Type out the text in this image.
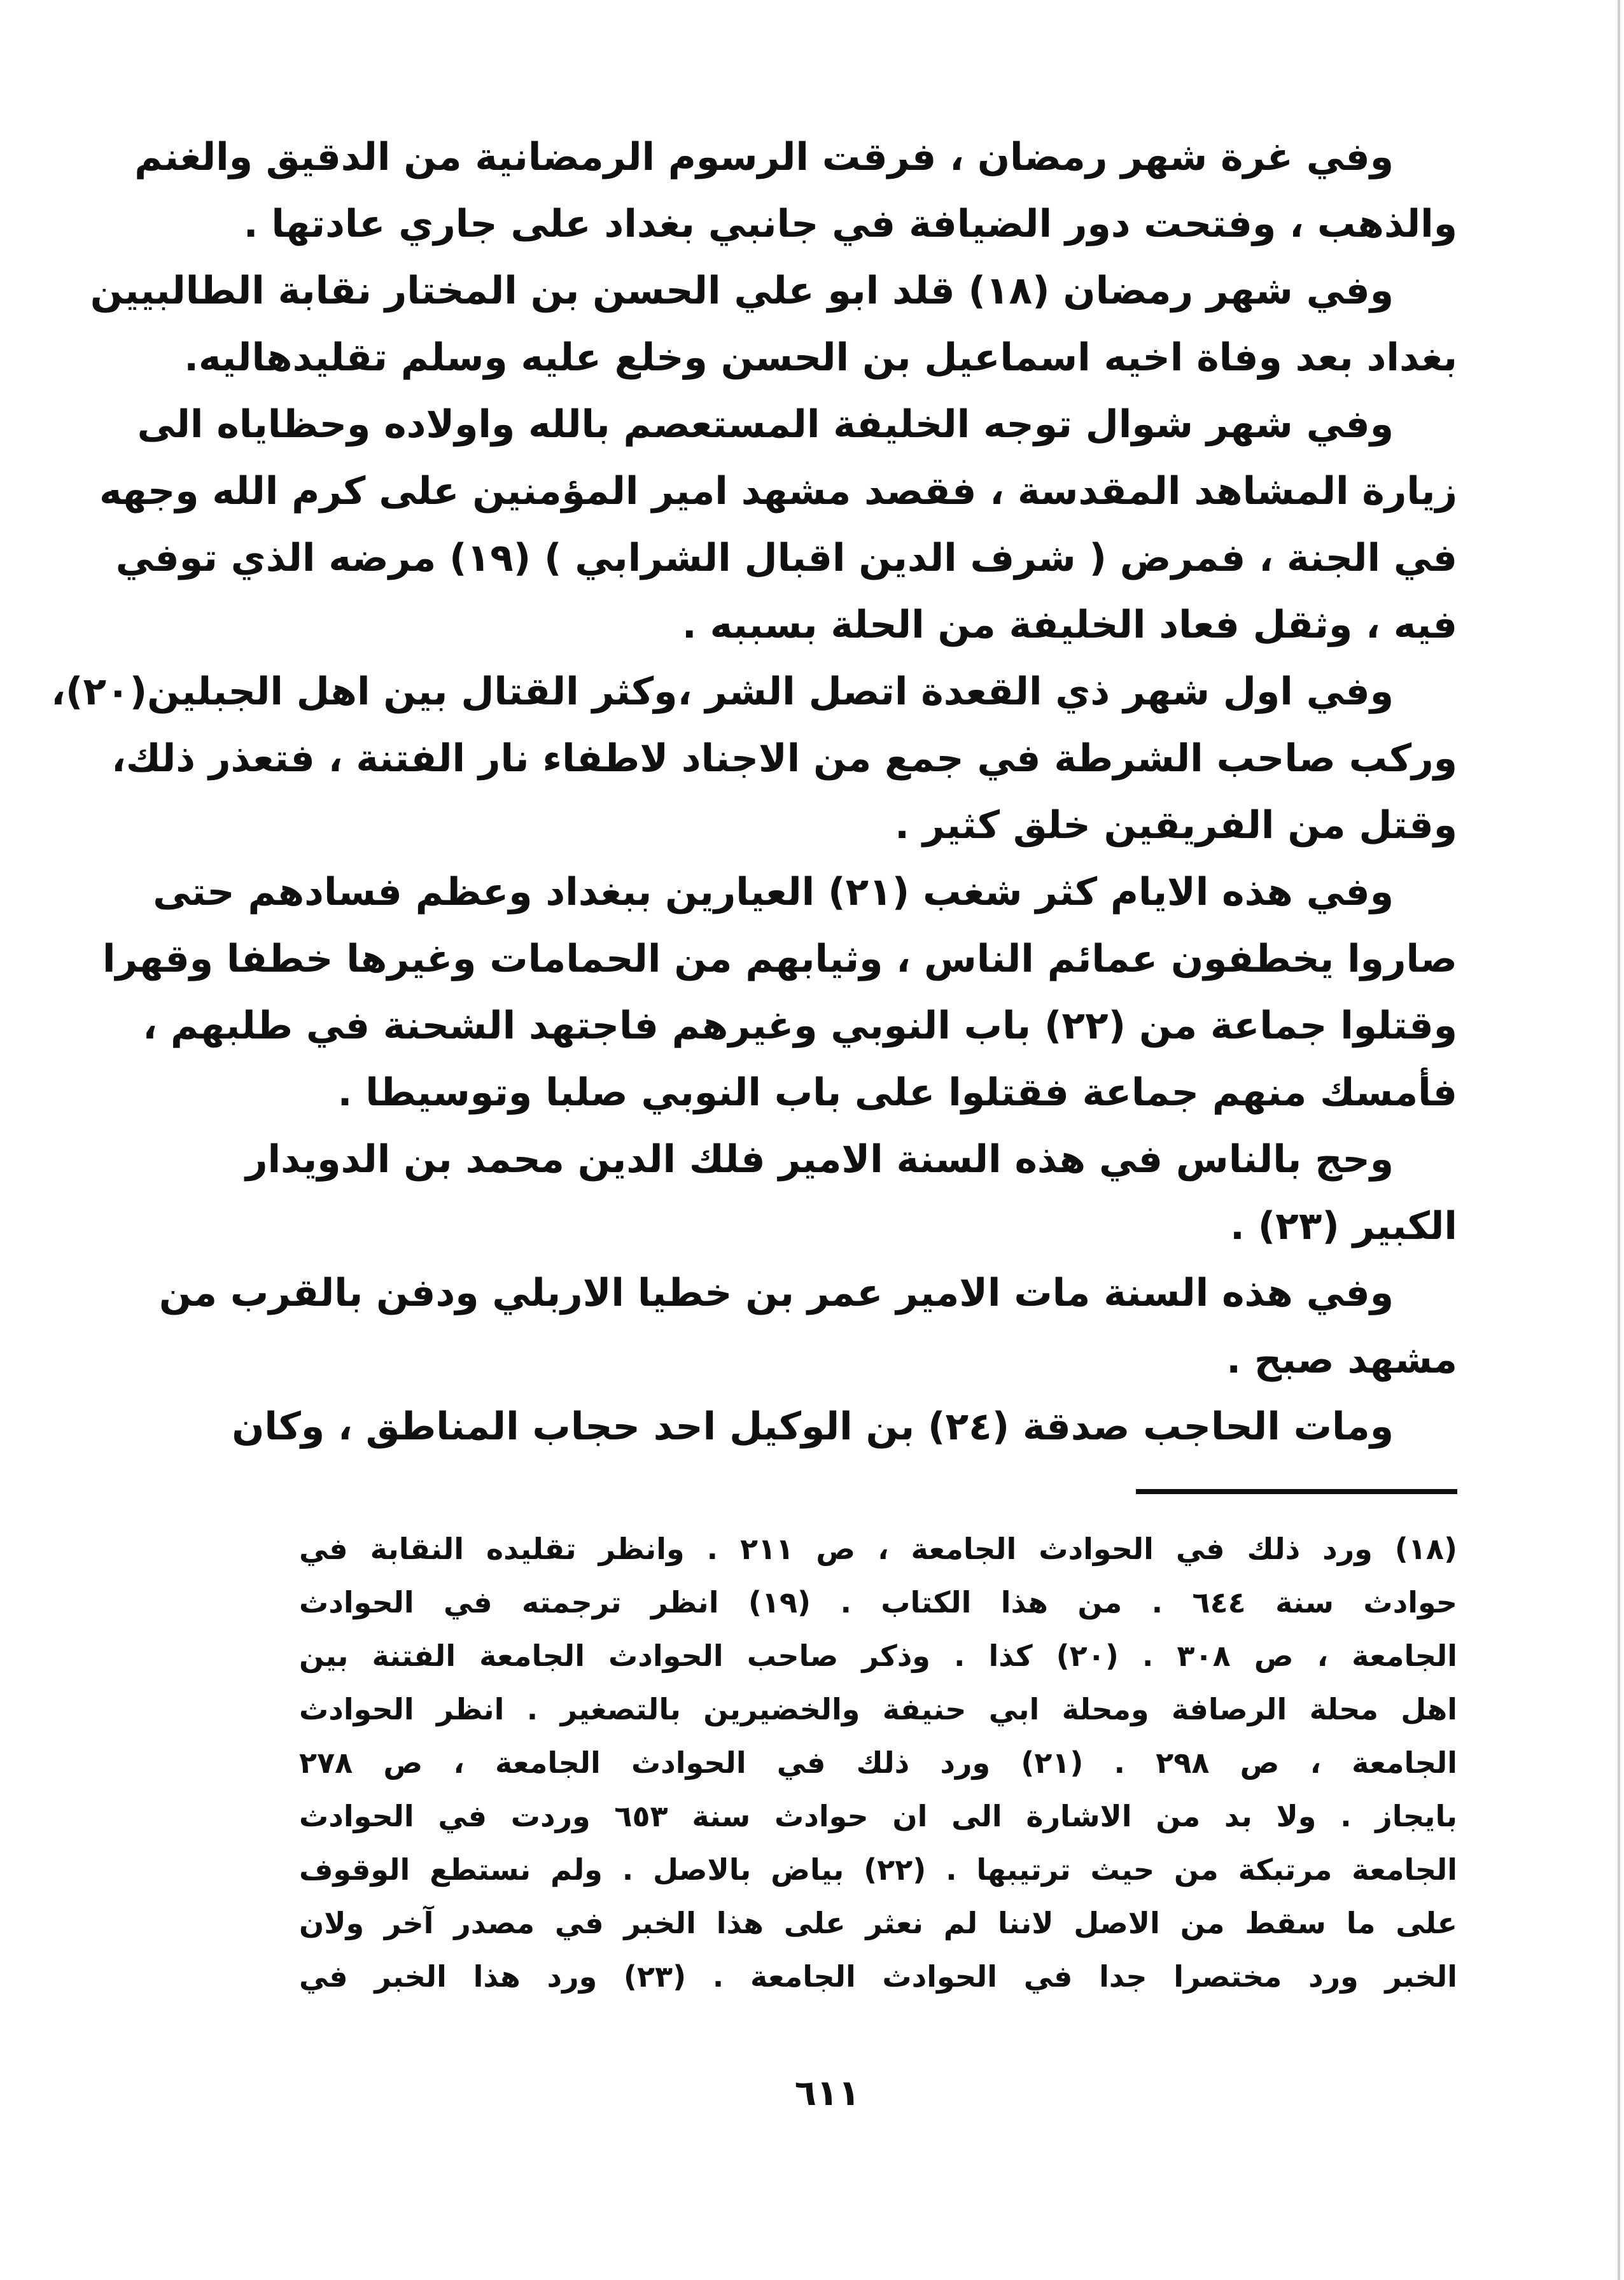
وفي غرة شهر رمضان ، فرقت الرسوم الرمضانية من الدقيق والغنم
والذهب ، وفتحت دور الضيافة في جانبي بغداد على جاري عادتها .
وفي شهر رمضان (١٨) قلد ابو علي الحسن بن المختار نقابة الطالبيين
بغداد بعد وفاة اخيه اسماعيل بن الحسن وخلع عليه وسلم تقليدهاليه.
وفي شهر شوال توجه الخليفة المستعصم بالله واولاده وحظاياه الى
زيارة المشاهد المقدسة ، فقصد مشهد امير المؤمنين على كرم الله وجهه
في الجنة ، فمرض ( شرف الدين اقبال الشرابي ) (١٩) مرضه الذي توفي
فيه ، وثقل فعاد الخليفة من الحلة بسببه .
وفي اول شهر ذي القعدة اتصل الشر ،وكثر القتال بين اهل الجبلين(٢٠)،
وركب صاحب الشرطة في جمع من الاجناد لاطفاء نار الفتنة ، فتعذر ذلك،
وقتل من الفريقين خلق كثير .
وفي هذه الايام كثر شغب (٢١) العيارين ببغداد وعظم فسادهم حتى
صاروا يخطفون عمائم الناس ، وثيابهم من الحمامات وغيرها خطفا وقهرا
وقتلوا جماعة من (٢٢) باب النوبي وغيرهم فاجتهد الشحنة في طلبهم ،
فأمسك منهم جماعة فقتلوا على باب النوبي صلبا وتوسيطا .
وحج بالناس في هذه السنة الامير فلك الدين محمد بن الدويدار
الكبير (٢٣) .
وفي هذه السنة مات الامير عمر بن خطيا الاربلي ودفن بالقرب من
مشهد صبح .
ومات الحاجب صدقة (٢٤) بن الوكيل احد حجاب المناطق ، وكان
(١٨) ورد ذلك في الحوادث الجامعة ، ص ٢١١ . وانظر تقليده النقابة في
حوادث سنة ٦٤٤ . من هذا الكتاب . (١٩) انظر ترجمته في الحوادث
الجامعة ، ص ٣٠٨ . (٢٠) كذا . وذكر صاحب الحوادث الجامعة الفتنة بين
اهل محلة الرصافة ومحلة ابي حنيفة والخضيرين بالتصغير . انظر الحوادث
الجامعة ، ص ٢٩٨ . (٢١) ورد ذلك في الحوادث الجامعة ، ص ٢٧٨
بايجاز . ولا بد من الاشارة الى ان حوادث سنة ٦٥٣ وردت في الحوادث
الجامعة مرتبكة من حيث ترتيبها . (٢٢) بياض بالاصل . ولم نستطع الوقوف
على ما سقط من الاصل لاننا لم نعثر على هذا الخبر في مصدر آخر ولان
الخبر ورد مختصرا جدا في الحوادث الجامعة . (٢٣) ورد هذا الخبر في
٦١١
